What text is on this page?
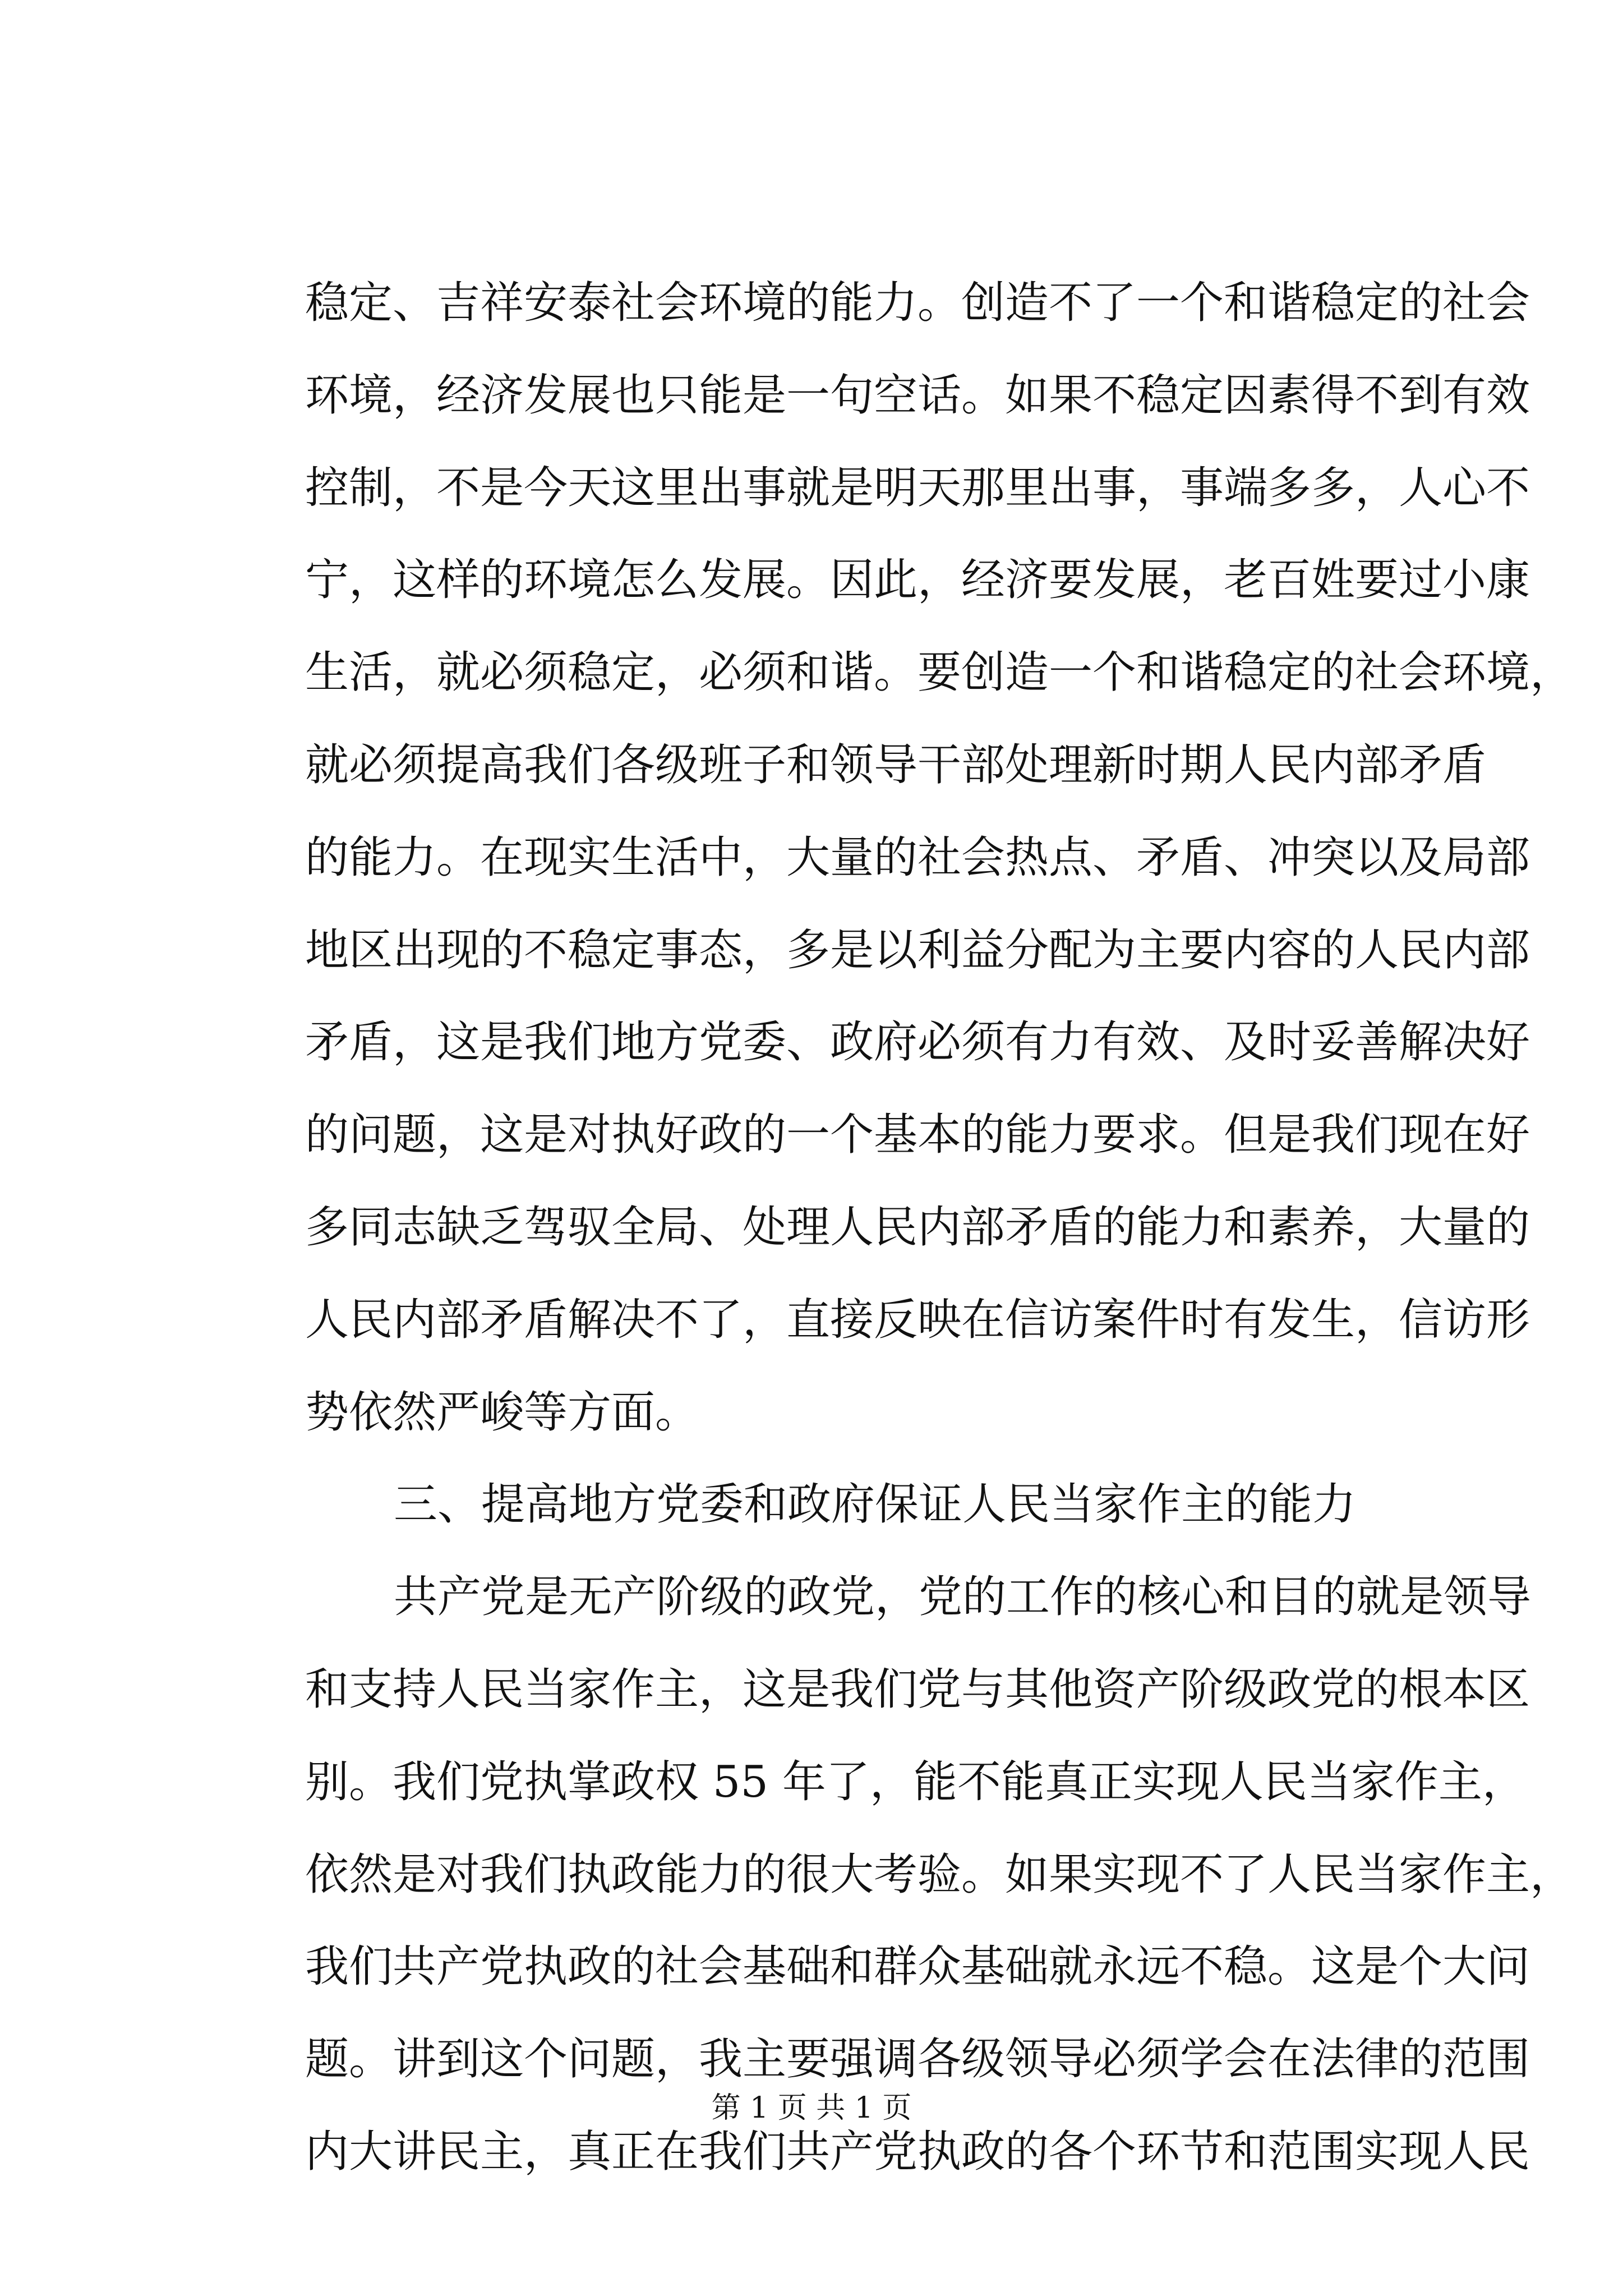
稳定、吉祥安泰社会环境的能力。创造不了一个和谐稳定的社会
环境，经济发展也只能是一句空话。如果不稳定因素得不到有效
控制，不是今天这里出事就是明天那里出事，事端多多，人心不
宁，这样的环境怎么发展。因此，经济要发展，老百姓要过小康
生活，就必须稳定，必须和谐。要创造一个和谐稳定的社会环境，
就必须提高我们各级班子和领导干部处理新时期人民内部矛盾
的能力。在现实生活中，大量的社会热点、矛盾、冲突以及局部
地区出现的不稳定事态，多是以利益分配为主要内容的人民内部
矛盾，这是我们地方党委、政府必须有力有效、及时妥善解决好
的问题，这是对执好政的一个基本的能力要求。但是我们现在好
多同志缺乏驾驭全局、处理人民内部矛盾的能力和素养，大量的
人民内部矛盾解决不了，直接反映在信访案件时有发生，信访形
势依然严峻等方面。
三、提高地方党委和政府保证人民当家作主的能力
共产党是无产阶级的政党，党的工作的核心和目的就是领导
和支持人民当家作主，这是我们党与其他资产阶级政党的根本区
别。我们党执掌政权 55 年了，能不能真正实现人民当家作主，
依然是对我们执政能力的很大考验。如果实现不了人民当家作主，
我们共产党执政的社会基础和群众基础就永远不稳。这是个大问
题。讲到这个问题，我主要强调各级领导必须学会在法律的范围
内大讲民主，真正在我们共产党执政的各个环节和范围实现人民
第 1 页 共 1 页
